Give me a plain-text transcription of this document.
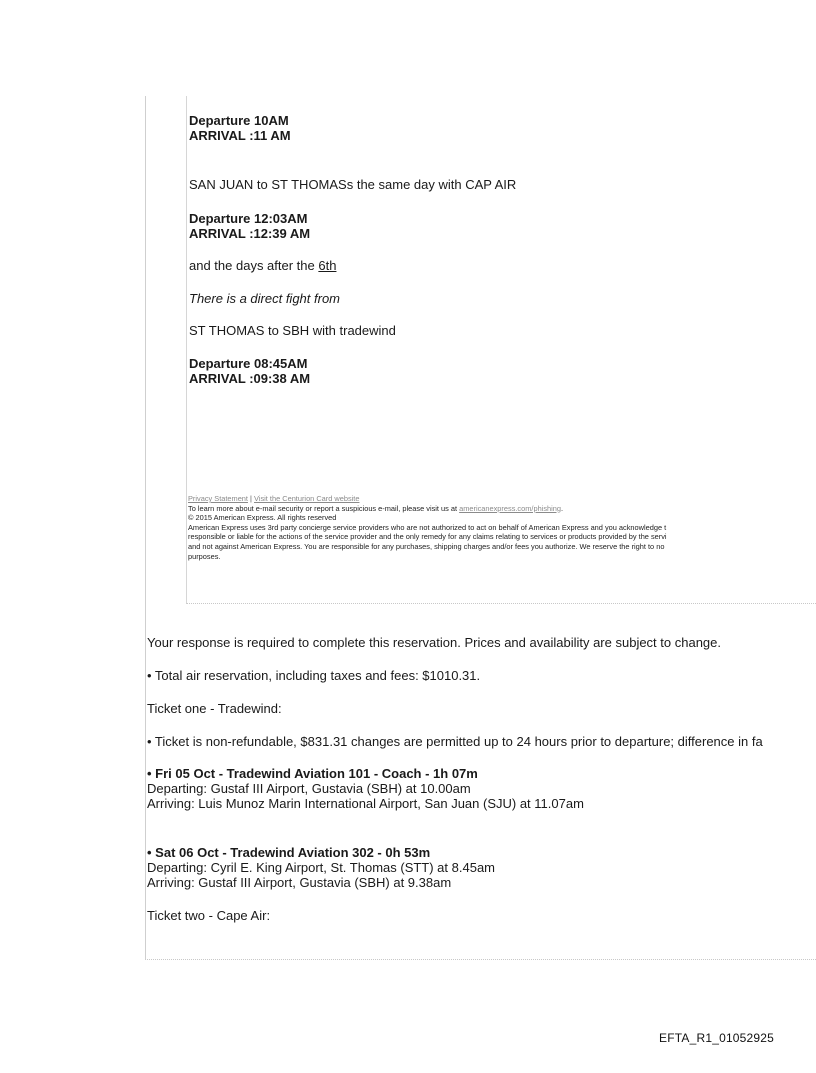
Departure 10AM
ARRIVAL :11 AM
SAN JUAN to ST THOMASs the same day with CAP AIR
Departure 12:03AM
ARRIVAL :12:39 AM
and the days after the 6th
There is a direct fight from
ST THOMAS to SBH with tradewind
Departure 08:45AM
ARRIVAL :09:38 AM
Privacy Statement | Visit the Centurion Card website
To learn more about e-mail security or report a suspicious e-mail, please visit us at americanexpress.com/phishing.
© 2015 American Express. All rights reserved
American Express uses 3rd party concierge service providers who are not authorized to act on behalf of American Express and you acknowledge t
responsible or liable for the actions of the service provider and the only remedy for any claims relating to services or products provided by the servi
and not against American Express. You are responsible for any purchases, shipping charges and/or fees you authorize. We reserve the right to no
purposes.
Your response is required to complete this reservation. Prices and availability are subject to change.
• Total air reservation, including taxes and fees: $1010.31.
Ticket one - Tradewind:
• Ticket is non-refundable, $831.31 changes are permitted up to 24 hours prior to departure; difference in fa
• Fri 05 Oct - Tradewind Aviation 101 - Coach - 1h 07m
Departing: Gustaf III Airport, Gustavia (SBH) at 10.00am
Arriving: Luis Munoz Marin International Airport, San Juan (SJU) at 11.07am
• Sat 06 Oct - Tradewind Aviation 302 - 0h 53m
Departing: Cyril E. King Airport, St. Thomas (STT) at 8.45am
Arriving: Gustaf III Airport, Gustavia (SBH) at 9.38am
Ticket two - Cape Air:
EFTA_R1_01052925
